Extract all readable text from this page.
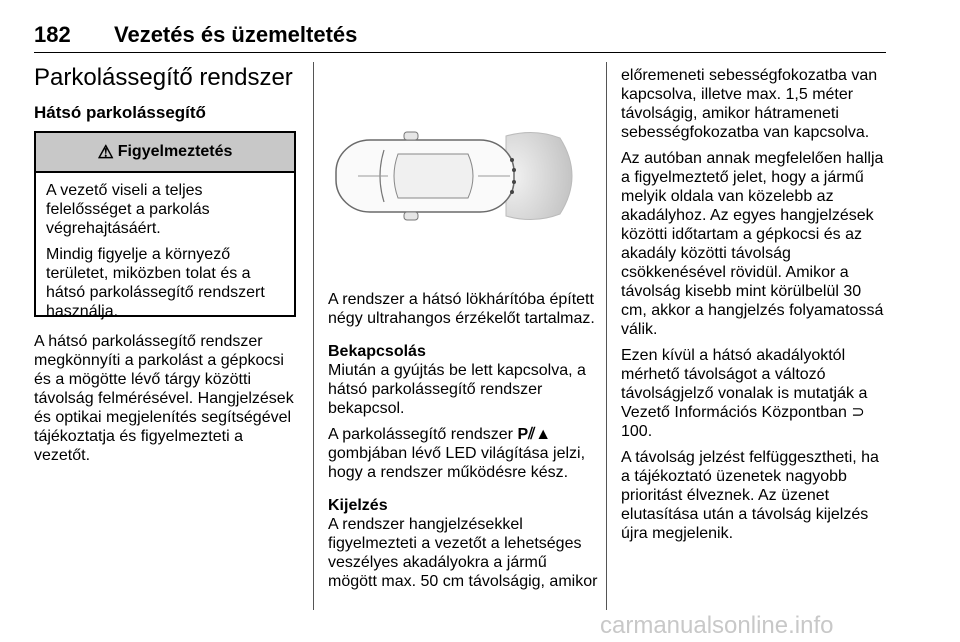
182 Vezetés és üzemeltetés
Parkolássegítő rendszer
Hátsó parkolássegítő
⚠ Figyelmeztetés

A vezető viseli a teljes felelősséget a parkolás végrehajtásáért.

Mindig figyelje a környező területet, miközben tolat és a hátsó parkolássegítő rendszert használja.

A hátsó parkolássegítő rendszer megkönnyíti a parkolást a gépkocsi és a mögötte lévő tárgy közötti távolság felmérésével. Hangjelzések és optikai megjelenítés segítségével tájékoztatja és figyelmezteti a vezetőt.

A rendszer a hátsó lökhárítóba épített négy ultrahangos érzékelőt tartalmaz.

Bekapcsolás
Miután a gyújtás be lett kapcsolva, a hátsó parkolássegítő rendszer bekapcsol.

A parkolássegítő rendszer P⫽▲ gombjában lévő LED világítása jelzi, hogy a rendszer működésre kész.

Kijelzés
A rendszer hangjelzésekkel figyelmezteti a vezetőt a lehetséges veszélyes akadályokra a jármű mögött max. 50 cm távolságig, amikor

előremeneti sebességfokozatba van kapcsolva, illetve max. 1,5 méter távolságig, amikor hátrameneti sebességfokozatba van kapcsolva.

Az autóban annak megfelelően hallja a figyelmeztető jelet, hogy a jármű melyik oldala van közelebb az akadályhoz. Az egyes hangjelzések közötti időtartam a gépkocsi és az akadály közötti távolság csökkenésével rövidül. Amikor a távolság kisebb mint körülbelül 30 cm, akkor a hangjelzés folyamatossá válik.

Ezen kívül a hátsó akadályoktól mérhető távolságot a változó távolságjelző vonalak is mutatják a Vezető Információs Központban ⊃ 100.

A távolság jelzést felfüggesztheti, ha a tájékoztató üzenetek nagyobb prioritást élveznek. Az üzenet elutasítása után a távolság kijelzés újra megjelenik.

carmanualsonline.info
